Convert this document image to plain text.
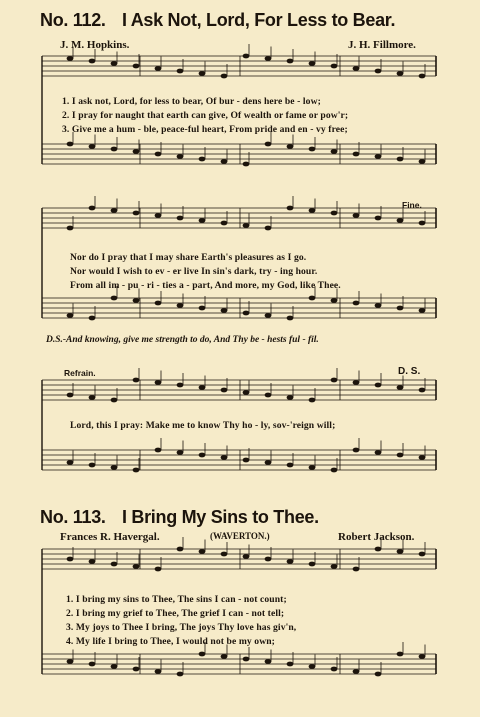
No. 112. I Ask Not, Lord, For Less to Bear.
J. M. Hopkins.	J. H. Fillmore.
1. I ask not, Lord, for less to bear, Of bur - dens here be - low;
2. I pray for naught that earth can give, Of wealth or fame or pow'r;
3. Give me a hum - ble, peace-ful heart, From pride and en - vy free;
Fine.
Nor do I pray that I may share Earth's pleasures as I go.
Nor would I wish to ev - er live In sin's dark, try - ing hour.
From all im - pu - ri - ties a - part, And more, my God, like Thee.
D.S.-And knowing, give me strength to do, And Thy be - hests ful - fil.
Refrain.	D. S.
Lord, this I pray: Make me to know Thy ho - ly, sov-'reign will;
No. 113. I Bring My Sins to Thee.
Frances R. Havergal.	(WAVERTON.)	Robert Jackson.
1. I bring my sins to Thee, The sins I can - not count;
2. I bring my grief to Thee, The grief I can - not tell;
3. My joys to Thee I bring, The joys Thy love has giv'n,
4. My life I bring to Thee, I would not be my own;
